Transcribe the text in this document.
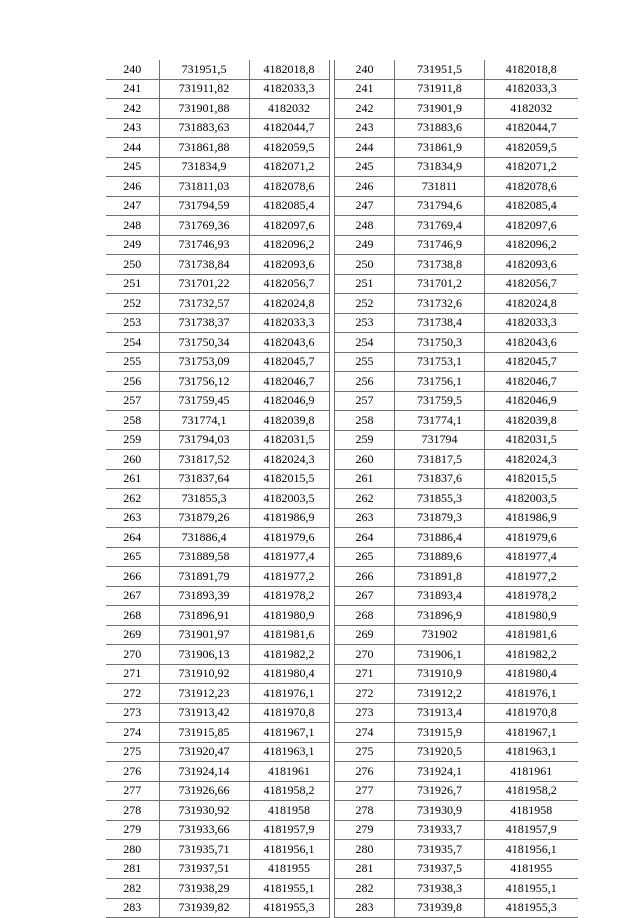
240	731951,5	4182018,8
241	731911,82	4182033,3
242	731901,88	4182032
243	731883,63	4182044,7
244	731861,88	4182059,5
245	731834,9	4182071,2
246	731811,03	4182078,6
247	731794,59	4182085,4
248	731769,36	4182097,6
249	731746,93	4182096,2
250	731738,84	4182093,6
251	731701,22	4182056,7
252	731732,57	4182024,8
253	731738,37	4182033,3
254	731750,34	4182043,6
255	731753,09	4182045,7
256	731756,12	4182046,7
257	731759,45	4182046,9
258	731774,1	4182039,8
259	731794,03	4182031,5
260	731817,52	4182024,3
261	731837,64	4182015,5
262	731855,3	4182003,5
263	731879,26	4181986,9
264	731886,4	4181979,6
265	731889,58	4181977,4
266	731891,79	4181977,2
267	731893,39	4181978,2
268	731896,91	4181980,9
269	731901,97	4181981,6
270	731906,13	4181982,2
271	731910,92	4181980,4
272	731912,23	4181976,1
273	731913,42	4181970,8
274	731915,85	4181967,1
275	731920,47	4181963,1
276	731924,14	4181961
277	731926,66	4181958,2
278	731930,92	4181958
279	731933,66	4181957,9
280	731935,71	4181956,1
281	731937,51	4181955
282	731938,29	4181955,1
283	731939,82	4181955,3
240	731951,5	4182018,8
241	731911,8	4182033,3
242	731901,9	4182032
243	731883,6	4182044,7
244	731861,9	4182059,5
245	731834,9	4182071,2
246	731811	4182078,6
247	731794,6	4182085,4
248	731769,4	4182097,6
249	731746,9	4182096,2
250	731738,8	4182093,6
251	731701,2	4182056,7
252	731732,6	4182024,8
253	731738,4	4182033,3
254	731750,3	4182043,6
255	731753,1	4182045,7
256	731756,1	4182046,7
257	731759,5	4182046,9
258	731774,1	4182039,8
259	731794	4182031,5
260	731817,5	4182024,3
261	731837,6	4182015,5
262	731855,3	4182003,5
263	731879,3	4181986,9
264	731886,4	4181979,6
265	731889,6	4181977,4
266	731891,8	4181977,2
267	731893,4	4181978,2
268	731896,9	4181980,9
269	731902	4181981,6
270	731906,1	4181982,2
271	731910,9	4181980,4
272	731912,2	4181976,1
273	731913,4	4181970,8
274	731915,9	4181967,1
275	731920,5	4181963,1
276	731924,1	4181961
277	731926,7	4181958,2
278	731930,9	4181958
279	731933,7	4181957,9
280	731935,7	4181956,1
281	731937,5	4181955
282	731938,3	4181955,1
283	731939,8	4181955,3
